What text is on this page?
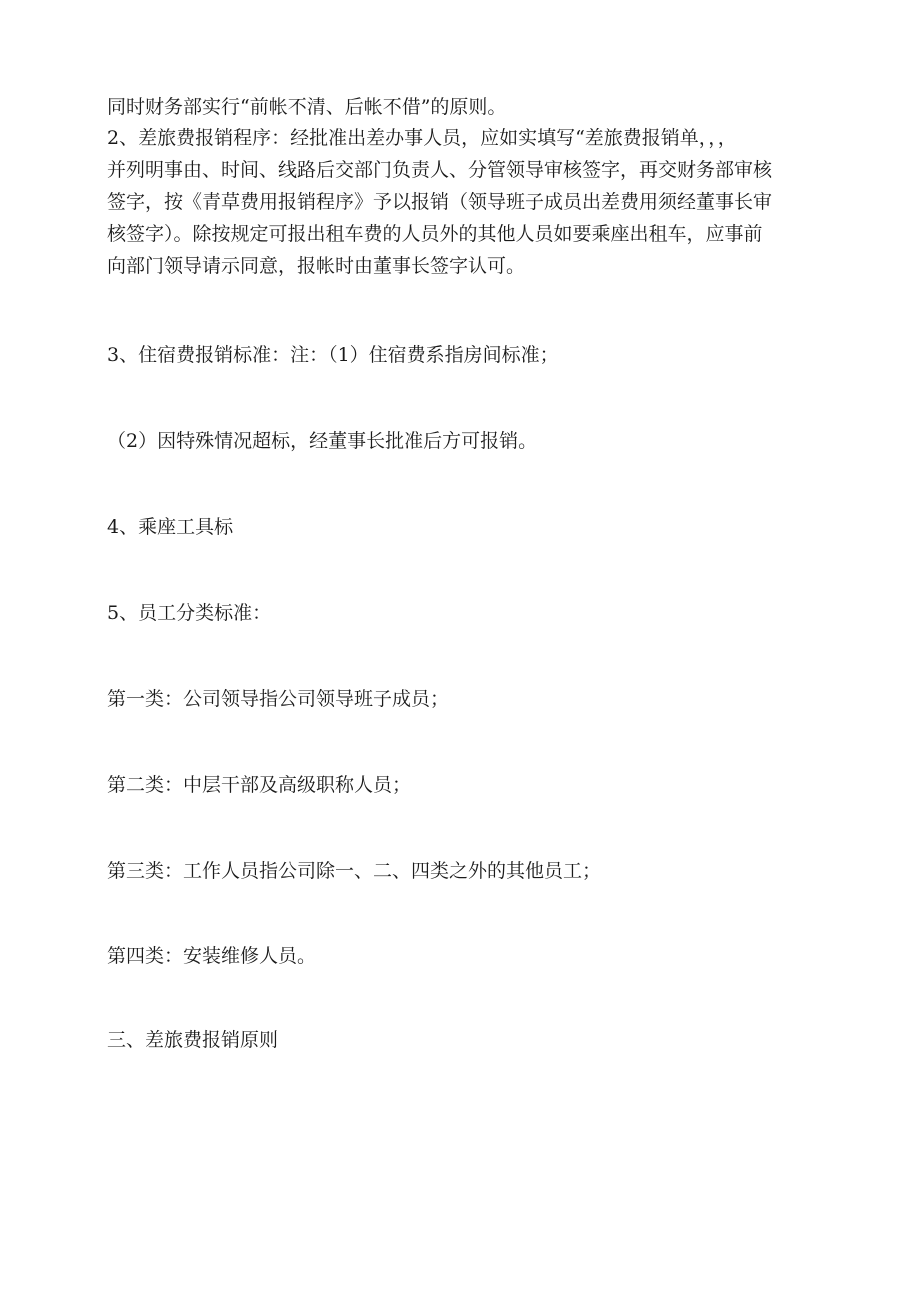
同时财务部实行“前帐不清、后帐不借”的原则。

2、差旅费报销程序：经批准出差办事人员，应如实填写“差旅费报销单，，，

并列明事由、时间、线路后交部门负责人、分管领导审核签字，再交财务部审核

签字，按《青草费用报销程序》予以报销（领导班子成员出差费用须经董事长审

核签字）。除按规定可报出租车费的人员外的其他人员如要乘座出租车，应事前

向部门领导请示同意，报帐时由董事长签字认可。

3、住宿费报销标准：注：（1）住宿费系指房间标准；

（2）因特殊情况超标，经董事长批准后方可报销。

4、乘座工具标

5、员工分类标准：

第一类：公司领导指公司领导班子成员；

第二类：中层干部及高级职称人员；

第三类：工作人员指公司除一、二、四类之外的其他员工；

第四类：安装维修人员。

三、差旅费报销原则
